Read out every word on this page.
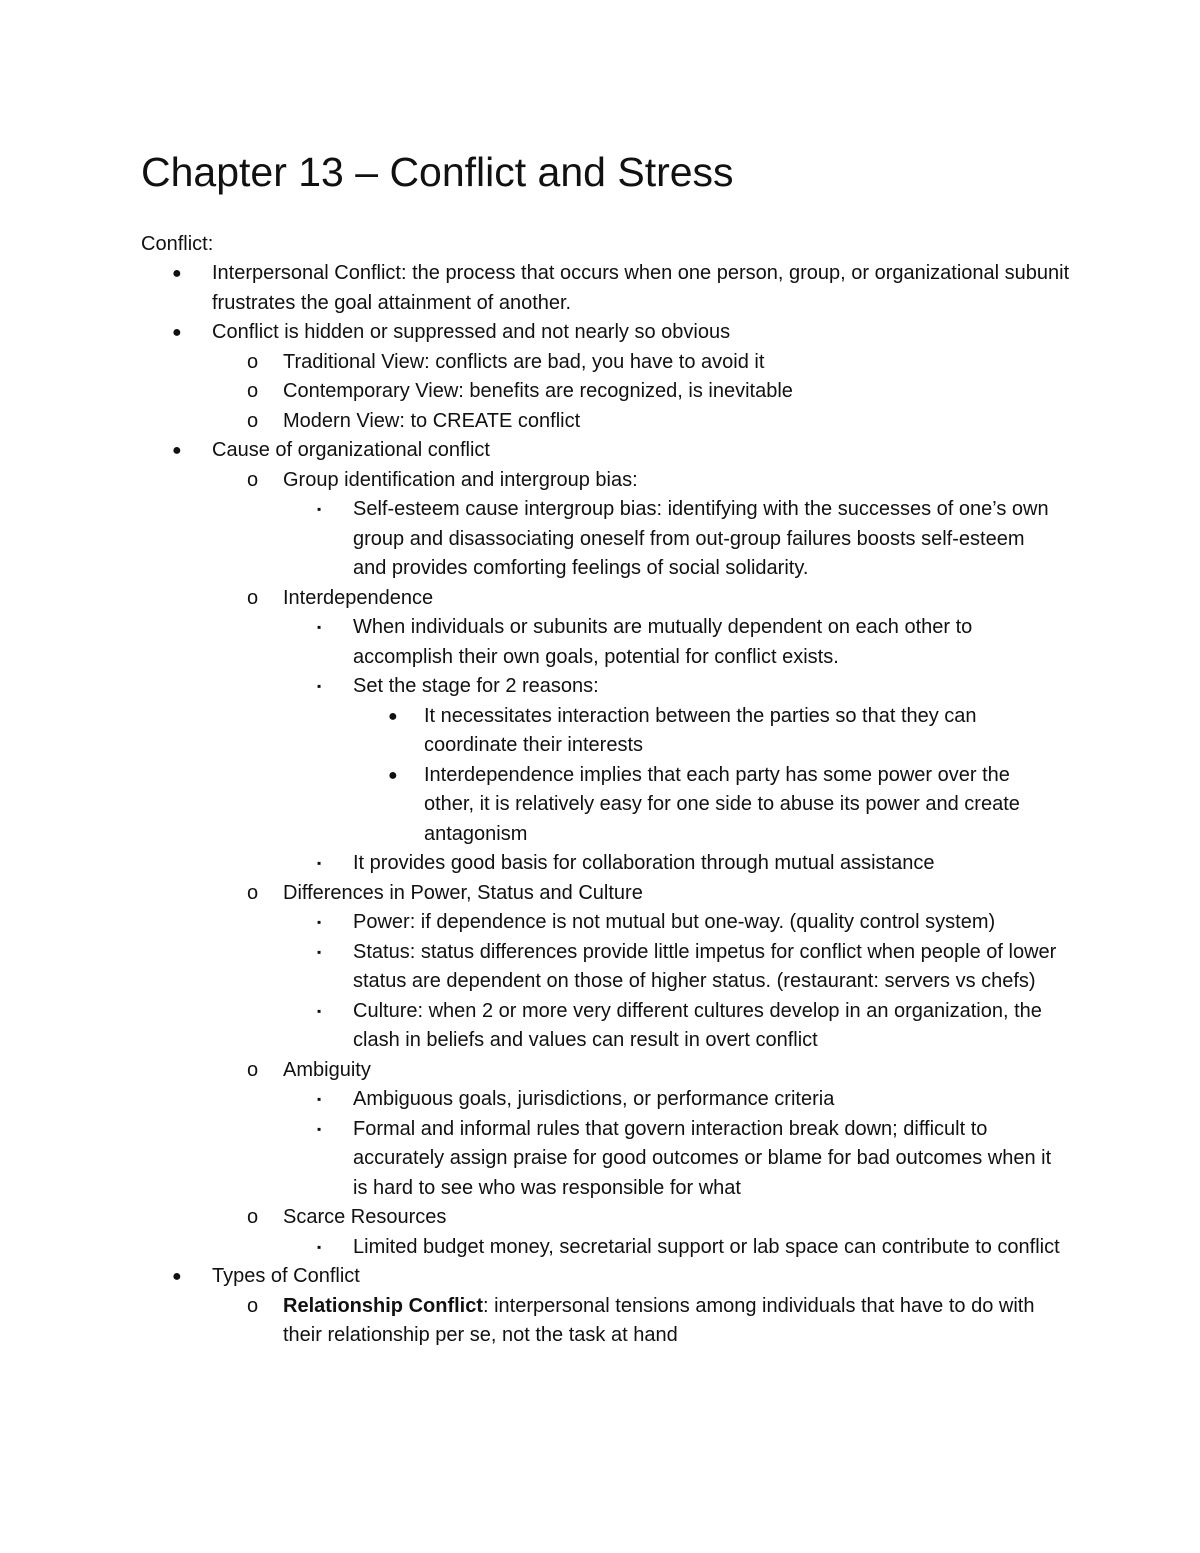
Chapter 13 – Conflict and Stress
Conflict:
● Interpersonal Conflict: the process that occurs when one person, group, or organizational subunit frustrates the goal attainment of another.
● Conflict is hidden or suppressed and not nearly so obvious
o Traditional View: conflicts are bad, you have to avoid it
o Contemporary View: benefits are recognized, is inevitable
o Modern View: to CREATE conflict
● Cause of organizational conflict
o Group identification and intergroup bias:
▪ Self-esteem cause intergroup bias: identifying with the successes of one’s own group and disassociating oneself from out-group failures boosts self-esteem and provides comforting feelings of social solidarity.
o Interdependence
▪ When individuals or subunits are mutually dependent on each other to accomplish their own goals, potential for conflict exists.
▪ Set the stage for 2 reasons:
● It necessitates interaction between the parties so that they can coordinate their interests
● Interdependence implies that each party has some power over the other, it is relatively easy for one side to abuse its power and create antagonism
▪ It provides good basis for collaboration through mutual assistance
o Differences in Power, Status and Culture
▪ Power: if dependence is not mutual but one-way. (quality control system)
▪ Status: status differences provide little impetus for conflict when people of lower status are dependent on those of higher status. (restaurant: servers vs chefs)
▪ Culture: when 2 or more very different cultures develop in an organization, the clash in beliefs and values can result in overt conflict
o Ambiguity
▪ Ambiguous goals, jurisdictions, or performance criteria
▪ Formal and informal rules that govern interaction break down; difficult to accurately assign praise for good outcomes or blame for bad outcomes when it is hard to see who was responsible for what
o Scarce Resources
▪ Limited budget money, secretarial support or lab space can contribute to conflict
● Types of Conflict
o Relationship Conflict: interpersonal tensions among individuals that have to do with their relationship per se, not the task at hand
